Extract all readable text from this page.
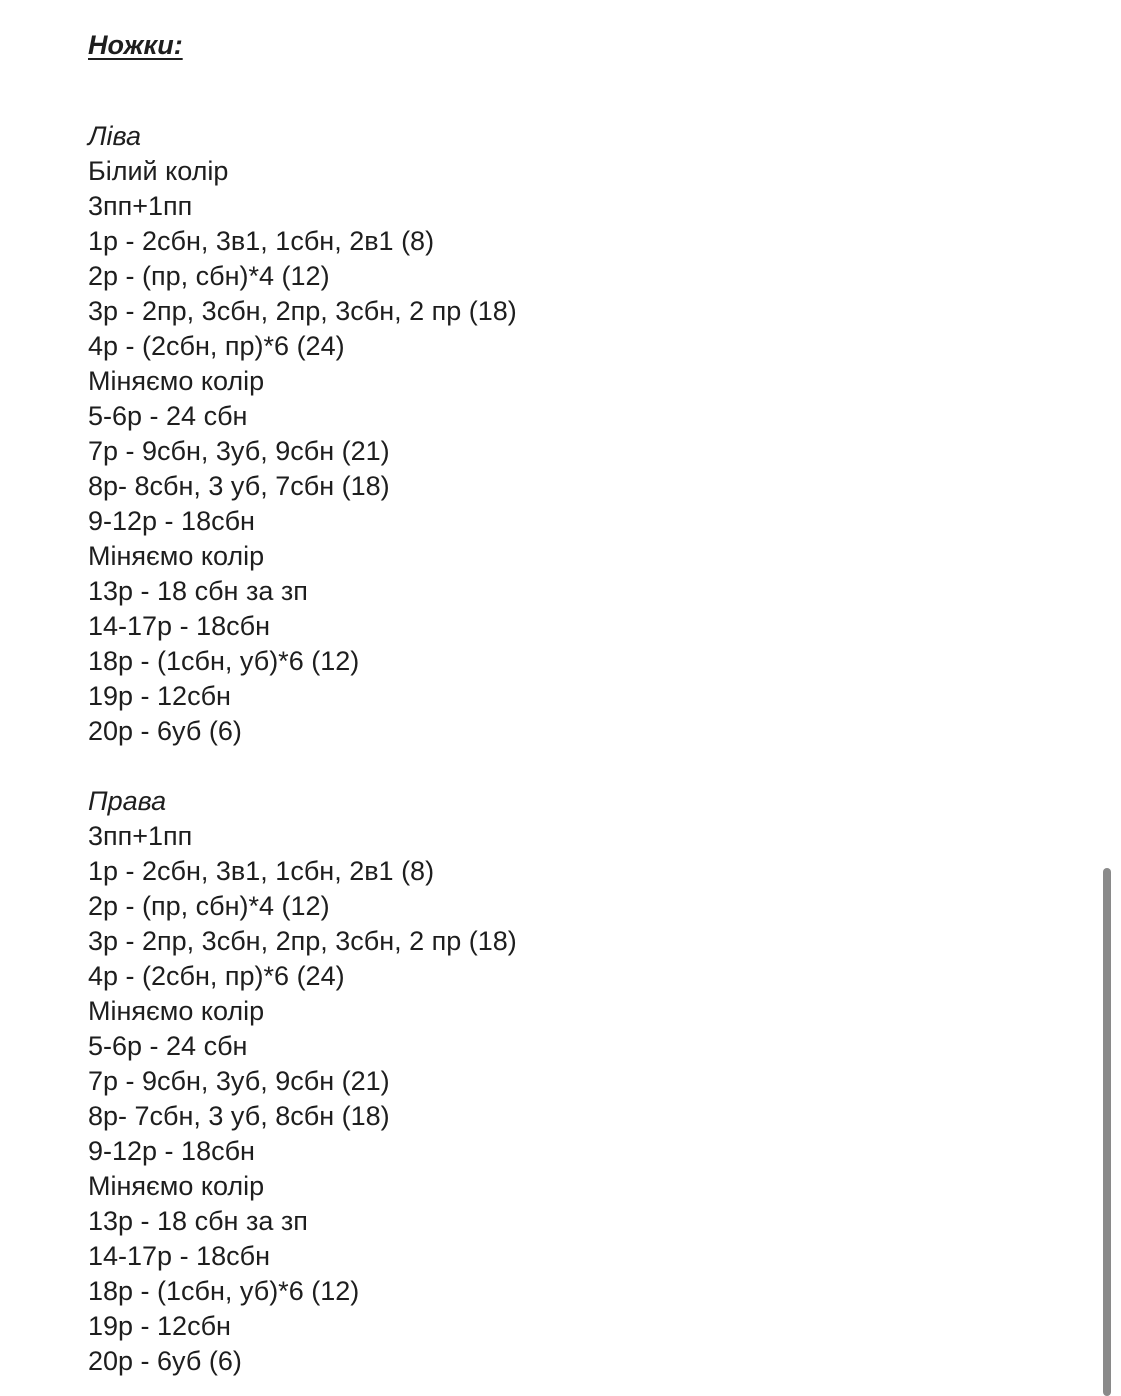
Ножки:
Ліва
Білий колір
3пп+1пп
1р - 2сбн, 3в1, 1сбн, 2в1 (8)
2р - (пр, сбн)*4 (12)
3р - 2пр, 3сбн, 2пр, 3сбн, 2 пр (18)
4р - (2сбн, пр)*6 (24)
Міняємо колір
5-6р - 24 сбн
7р - 9сбн, 3уб, 9сбн (21)
8р- 8сбн, 3 уб, 7сбн (18)
9-12р - 18сбн
Міняємо колір
13р - 18 сбн за зп
14-17р - 18сбн
18р - (1сбн, уб)*6 (12)
19р - 12сбн
20р - 6уб (6)
Права
3пп+1пп
1р - 2сбн, 3в1, 1сбн, 2в1 (8)
2р - (пр, сбн)*4 (12)
3р - 2пр, 3сбн, 2пр, 3сбн, 2 пр (18)
4р - (2сбн, пр)*6 (24)
Міняємо колір
5-6р - 24 сбн
7р - 9сбн, 3уб, 9сбн (21)
8р- 7сбн, 3 уб, 8сбн (18)
9-12р - 18сбн
Міняємо колір
13р - 18 сбн за зп
14-17р - 18сбн
18р - (1сбн, уб)*6 (12)
19р - 12сбн
20р - 6уб (6)
